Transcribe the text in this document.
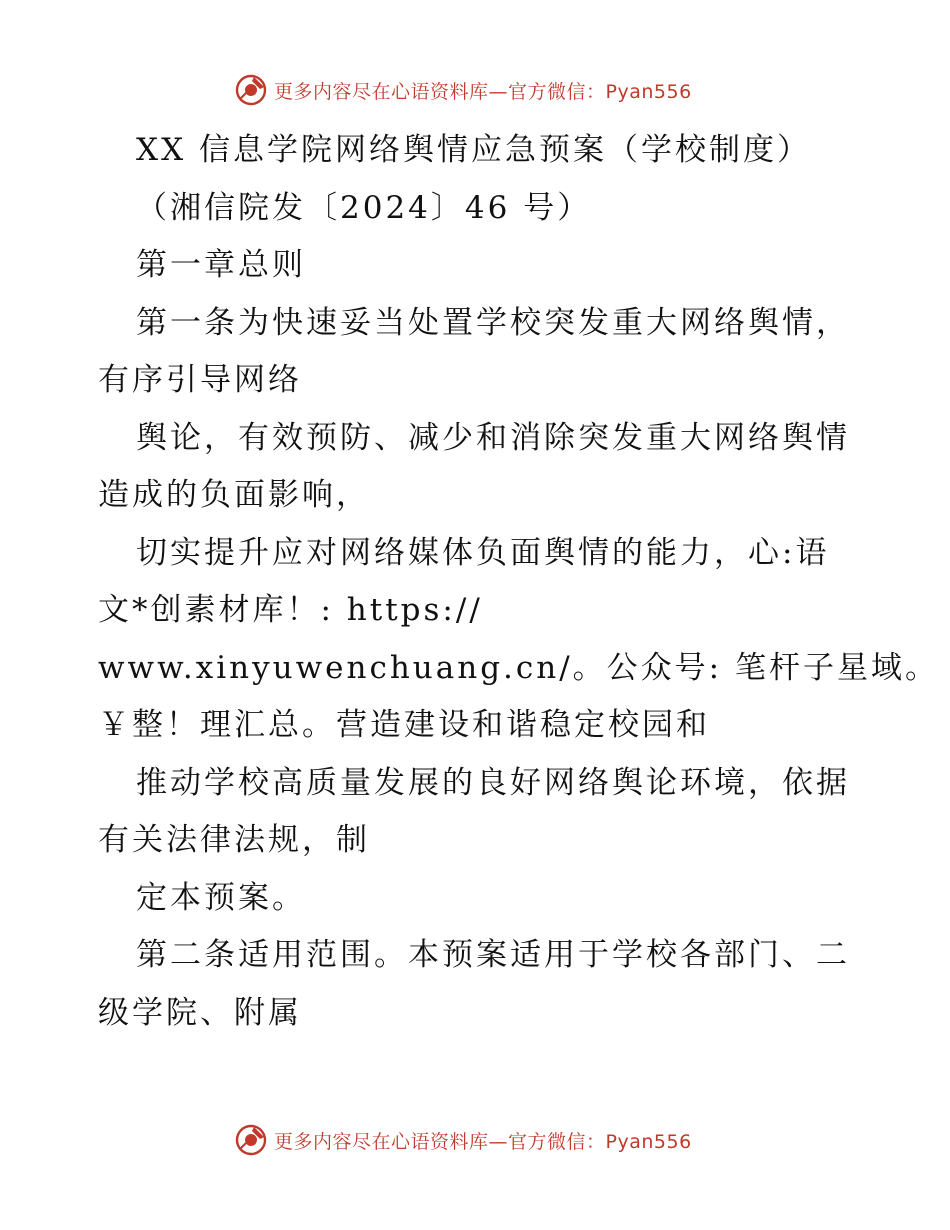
更多内容尽在心语资料库—官方微信：Pyan556
XX 信息学院网络舆情应急预案（学校制度）
（湘信院发〔2024〕46 号）
第一章总则
第一条为快速妥当处置学校突发重大网络舆情，
有序引导网络
舆论，有效预防、减少和消除突发重大网络舆情
造成的负面影响，
切实提升应对网络媒体负面舆情的能力，心:语
文*创素材库！: https://
www.xinyuwenchuang.cn/。公众号: 笔杆子星域。
￥整！理汇总。营造建设和谐稳定校园和
推动学校高质量发展的良好网络舆论环境，依据
有关法律法规，制
定本预案。
第二条适用范围。本预案适用于学校各部门、二
级学院、附属
更多内容尽在心语资料库—官方微信：Pyan556
